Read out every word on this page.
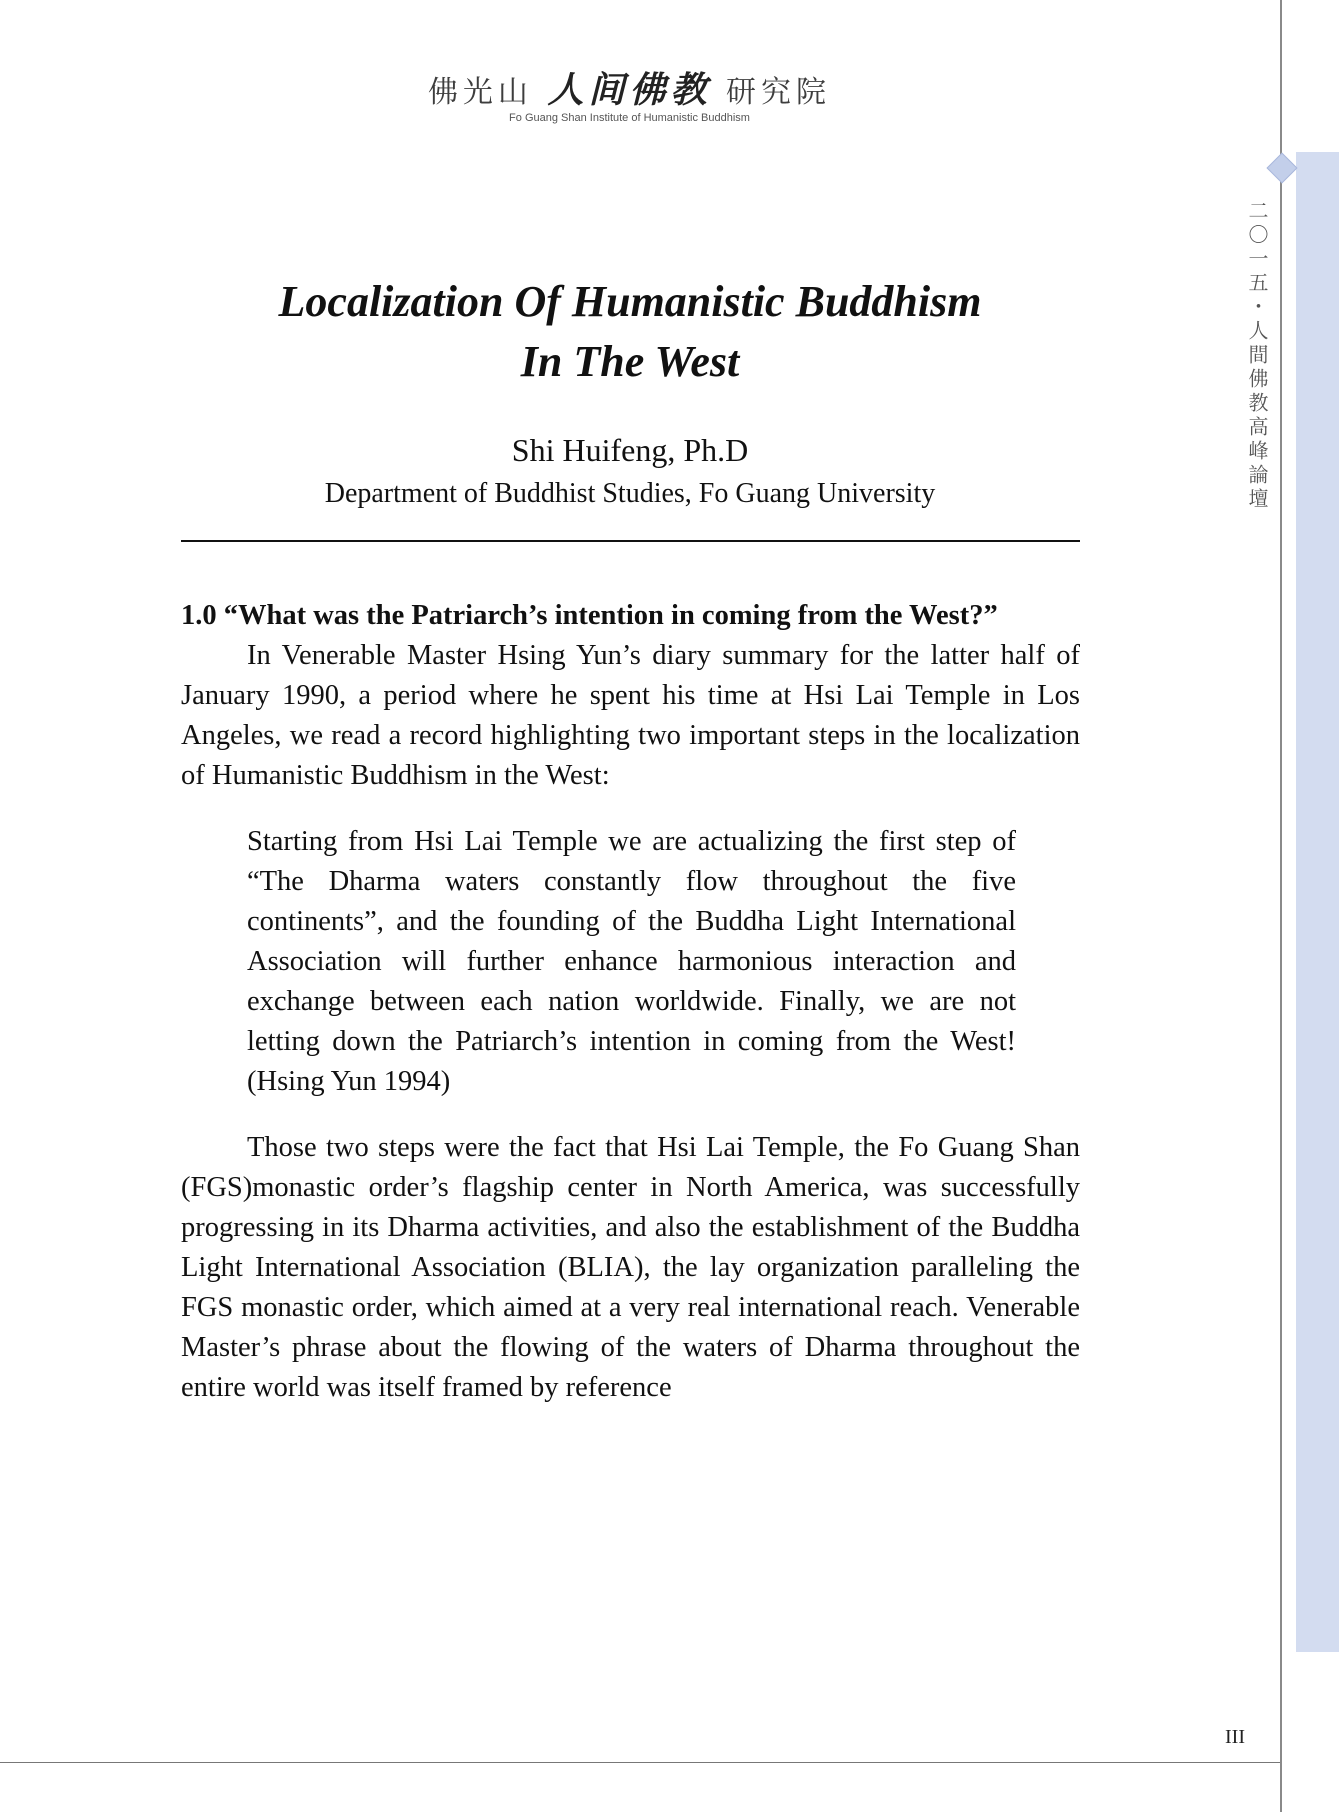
佛光山 人间佛教 研究院
Fo Guang Shan Institute of Humanistic Buddhism
二〇一五・人間佛教高峰論壇
Localization Of Humanistic Buddhism
In The West
Shi Huifeng, Ph.D
Department of Buddhist Studies, Fo Guang University

1.0 “What was the Patriarch’s intention in coming from the West?”

In Venerable Master Hsing Yun’s diary summary for the latter half of January 1990, a period where he spent his time at Hsi Lai Temple in Los Angeles, we read a record highlighting two important steps in the localization of Humanistic Buddhism in the West:

Starting from Hsi Lai Temple we are actualizing the first step of “The Dharma waters constantly flow throughout the five continents”, and the founding of the Buddha Light International Association will further enhance harmonious interaction and exchange between each nation worldwide. Finally, we are not letting down the Patriarch’s intention in coming from the West! (Hsing Yun 1994)

Those two steps were the fact that Hsi Lai Temple, the Fo Guang Shan (FGS)monastic order’s flagship center in North America, was successfully progressing in its Dharma activities, and also the establishment of the Buddha Light International Association (BLIA), the lay organization paralleling the FGS monastic order, which aimed at a very real international reach. Venerable Master’s phrase about the flowing of the waters of Dharma throughout the entire world was itself framed by reference

III
